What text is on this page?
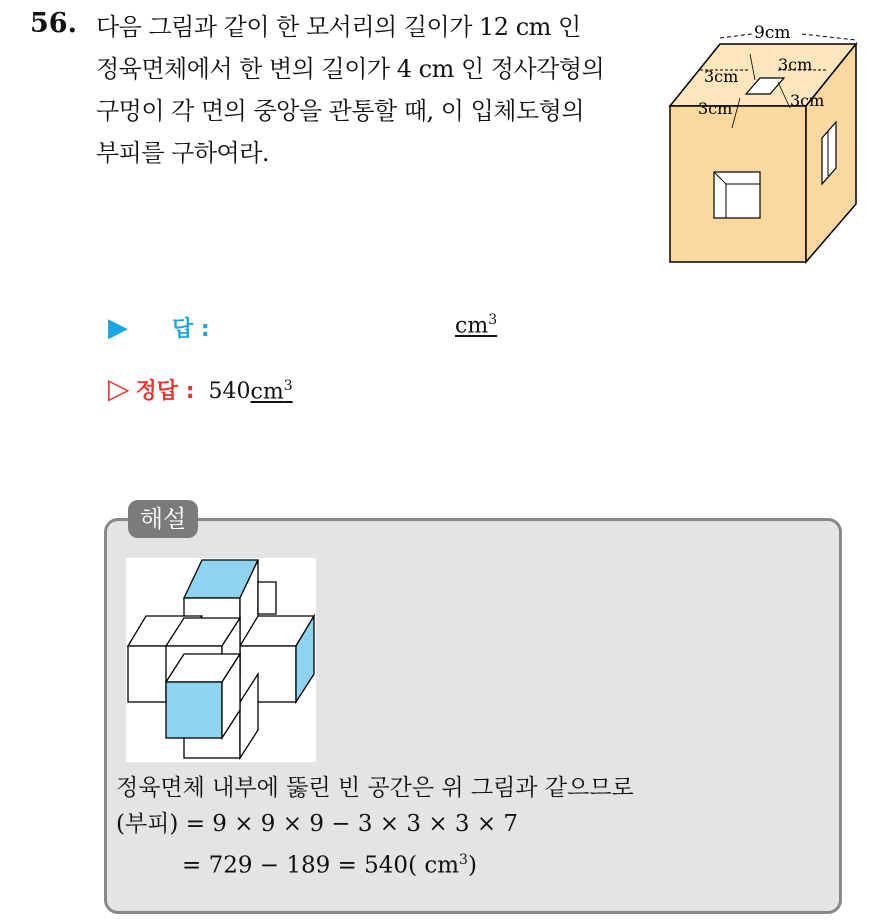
56. 다음 그림과 같이 한 모서리의 길이가 12 cm 인
정육면체에서 한 변의 길이가 4 cm 인 정사각형의
구멍이 각 면의 중앙을 관통할 때, 이 입체도형의
부피를 구하여라.
9cm
3cm
3cm
3cm	3cm
▶	답 :	$cm^3$
▷ 정답 : 540 $cm^3$
해설
정육면체 내부에 뚫린 빈 공간은 위 그림과 같으므로
(부피) = 9 × 9 × 9 − 3 × 3 × 3 × 7
= 729 − 189 = 540( $cm^3$)
